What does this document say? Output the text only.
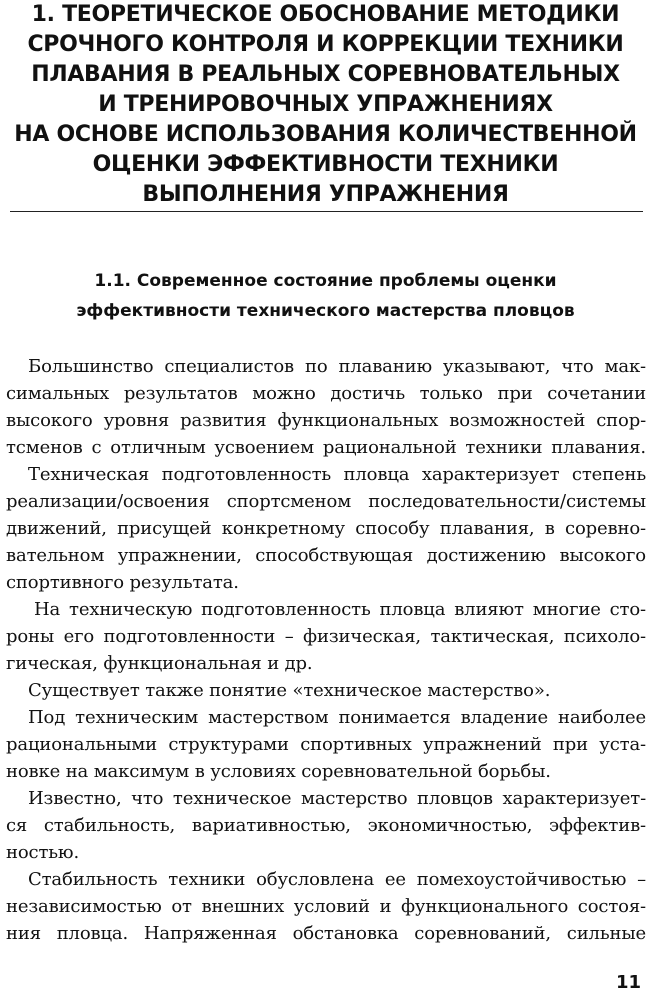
1. ТЕОРЕТИЧЕСКОЕ ОБОСНОВАНИЕ МЕТОДИКИ
СРОЧНОГО КОНТРОЛЯ И КОРРЕКЦИИ ТЕХНИКИ
ПЛАВАНИЯ В РЕАЛЬНЫХ СОРЕВНОВАТЕЛЬНЫХ
И ТРЕНИРОВОЧНЫХ УПРАЖНЕНИЯХ
НА ОСНОВЕ ИСПОЛЬЗОВАНИЯ КОЛИЧЕСТВЕННОЙ
ОЦЕНКИ ЭФФЕКТИВНОСТИ ТЕХНИКИ
ВЫПОЛНЕНИЯ УПРАЖНЕНИЯ
1.1. Современное состояние проблемы оценки
эффективности технического мастерства пловцов
Большинство специалистов по плаванию указывают, что мак-
симальных результатов можно достичь только при сочетании
высокого уровня развития функциональных возможностей спор-
тсменов с отличным усвоением рациональной техники плавания.
Техническая подготовленность пловца характеризует степень
реализации/освоения спортсменом последовательности/системы
движений, присущей конкретному способу плавания, в соревно-
вательном упражнении, способствующая достижению высокого
спортивного результата.
На техническую подготовленность пловца влияют многие сто-
роны его подготовленности – физическая, тактическая, психоло-
гическая, функциональная и др.
Существует также понятие «техническое мастерство».
Под техническим мастерством понимается владение наиболее
рациональными структурами спортивных упражнений при уста-
новке на максимум в условиях соревновательной борьбы.
Известно, что техническое мастерство пловцов характеризует-
ся стабильность, вариативностью, экономичностью, эффектив-
ностью.
Стабильность техники обусловлена ее помехоустойчивостью –
независимостью от внешних условий и функционального состоя-
ния пловца. Напряженная обстановка соревнований, сильные
11
